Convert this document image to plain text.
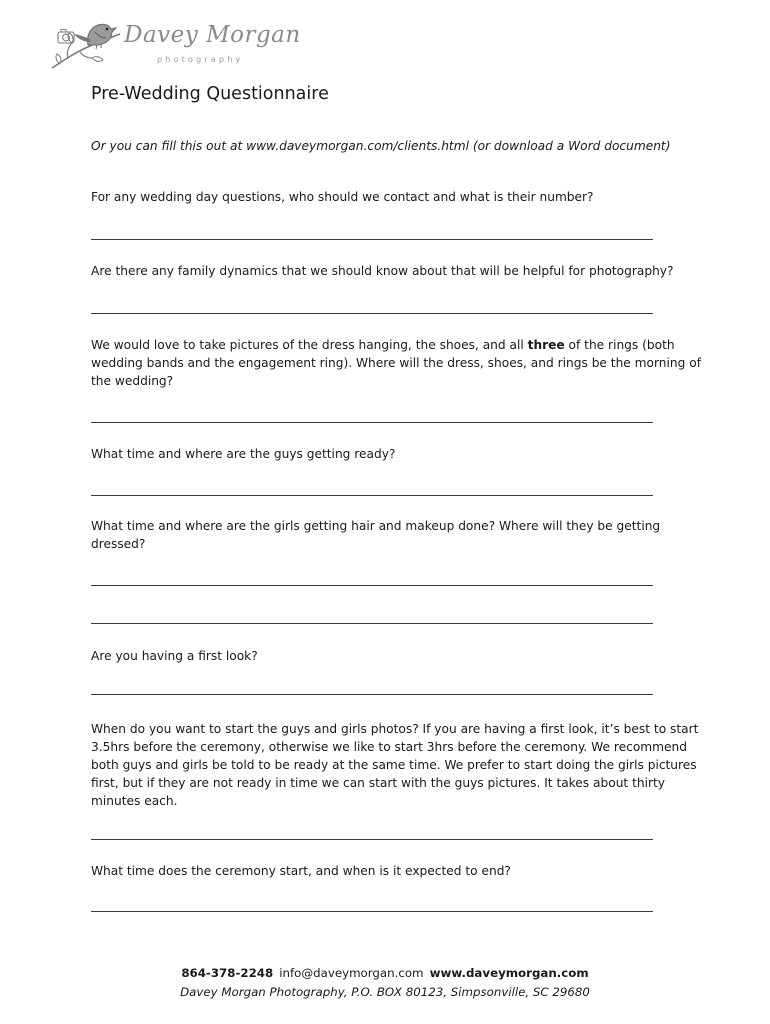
Davey Morgan
photography
Pre-Wedding Questionnaire
Or you can fill this out at www.daveymorgan.com/clients.html (or download a Word document)
For any wedding day questions, who should we contact and what is their number?
Are there any family dynamics that we should know about that will be helpful for photography?
We would love to take pictures of the dress hanging, the shoes, and all three of the rings (both wedding bands and the engagement ring). Where will the dress, shoes, and rings be the morning of the wedding?
What time and where are the guys getting ready?
What time and where are the girls getting hair and makeup done? Where will they be getting dressed?
Are you having a first look?
When do you want to start the guys and girls photos? If you are having a first look, it’s best to start 3.5hrs before the ceremony, otherwise we like to start 3hrs before the ceremony. We recommend both guys and girls be told to be ready at the same time. We prefer to start doing the girls pictures first, but if they are not ready in time we can start with the guys pictures. It takes about thirty minutes each.
What time does the ceremony start, and when is it expected to end?
864-378-2248 info@daveymorgan.com www.daveymorgan.com
Davey Morgan Photography, P.O. BOX 80123, Simpsonville, SC 29680
